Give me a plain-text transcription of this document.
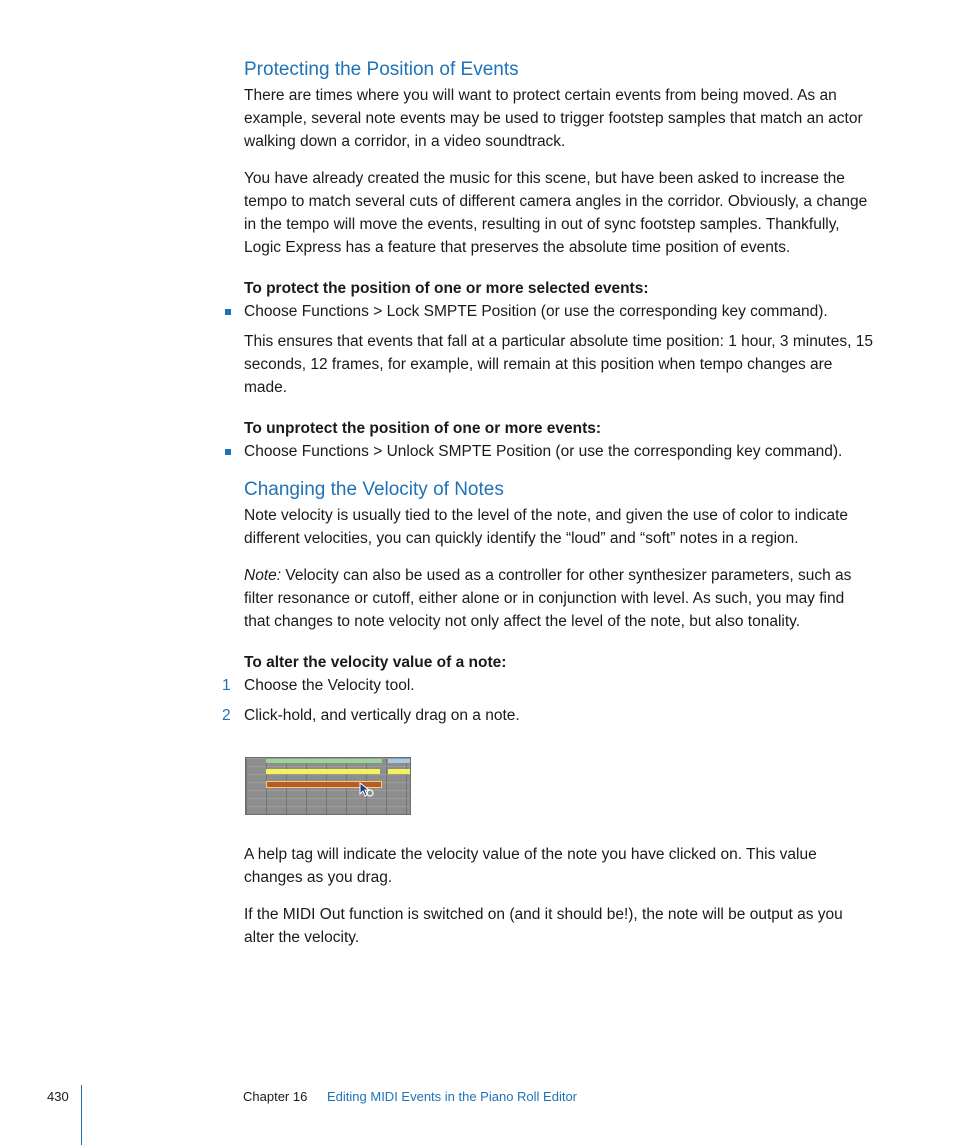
Protecting the Position of Events

There are times where you will want to protect certain events from being moved. As an example, several note events may be used to trigger footstep samples that match an actor walking down a corridor, in a video soundtrack.

You have already created the music for this scene, but have been asked to increase the tempo to match several cuts of different camera angles in the corridor. Obviously, a change in the tempo will move the events, resulting in out of sync footstep samples. Thankfully, Logic Express has a feature that preserves the absolute time position of events.

To protect the position of one or more selected events:

Choose Functions > Lock SMPTE Position (or use the corresponding key command).

This ensures that events that fall at a particular absolute time position: 1 hour, 3 minutes, 15 seconds, 12 frames, for example, will remain at this position when tempo changes are made.

To unprotect the position of one or more events:

Choose Functions > Unlock SMPTE Position (or use the corresponding key command).
Changing the Velocity of Notes

Note velocity is usually tied to the level of the note, and given the use of color to indicate different velocities, you can quickly identify the “loud” and “soft” notes in a region.

Note: Velocity can also be used as a controller for other synthesizer parameters, such as filter resonance or cutoff, either alone or in conjunction with level. As such, you may find that changes to note velocity not only affect the level of the note, but also tonality.

To alter the velocity value of a note:

1 Choose the Velocity tool.
2 Click-hold, and vertically drag on a note.

A help tag will indicate the velocity value of the note you have clicked on. This value changes as you drag.

If the MIDI Out function is switched on (and it should be!), the note will be output as you alter the velocity.

430	Chapter 16 Editing MIDI Events in the Piano Roll Editor
